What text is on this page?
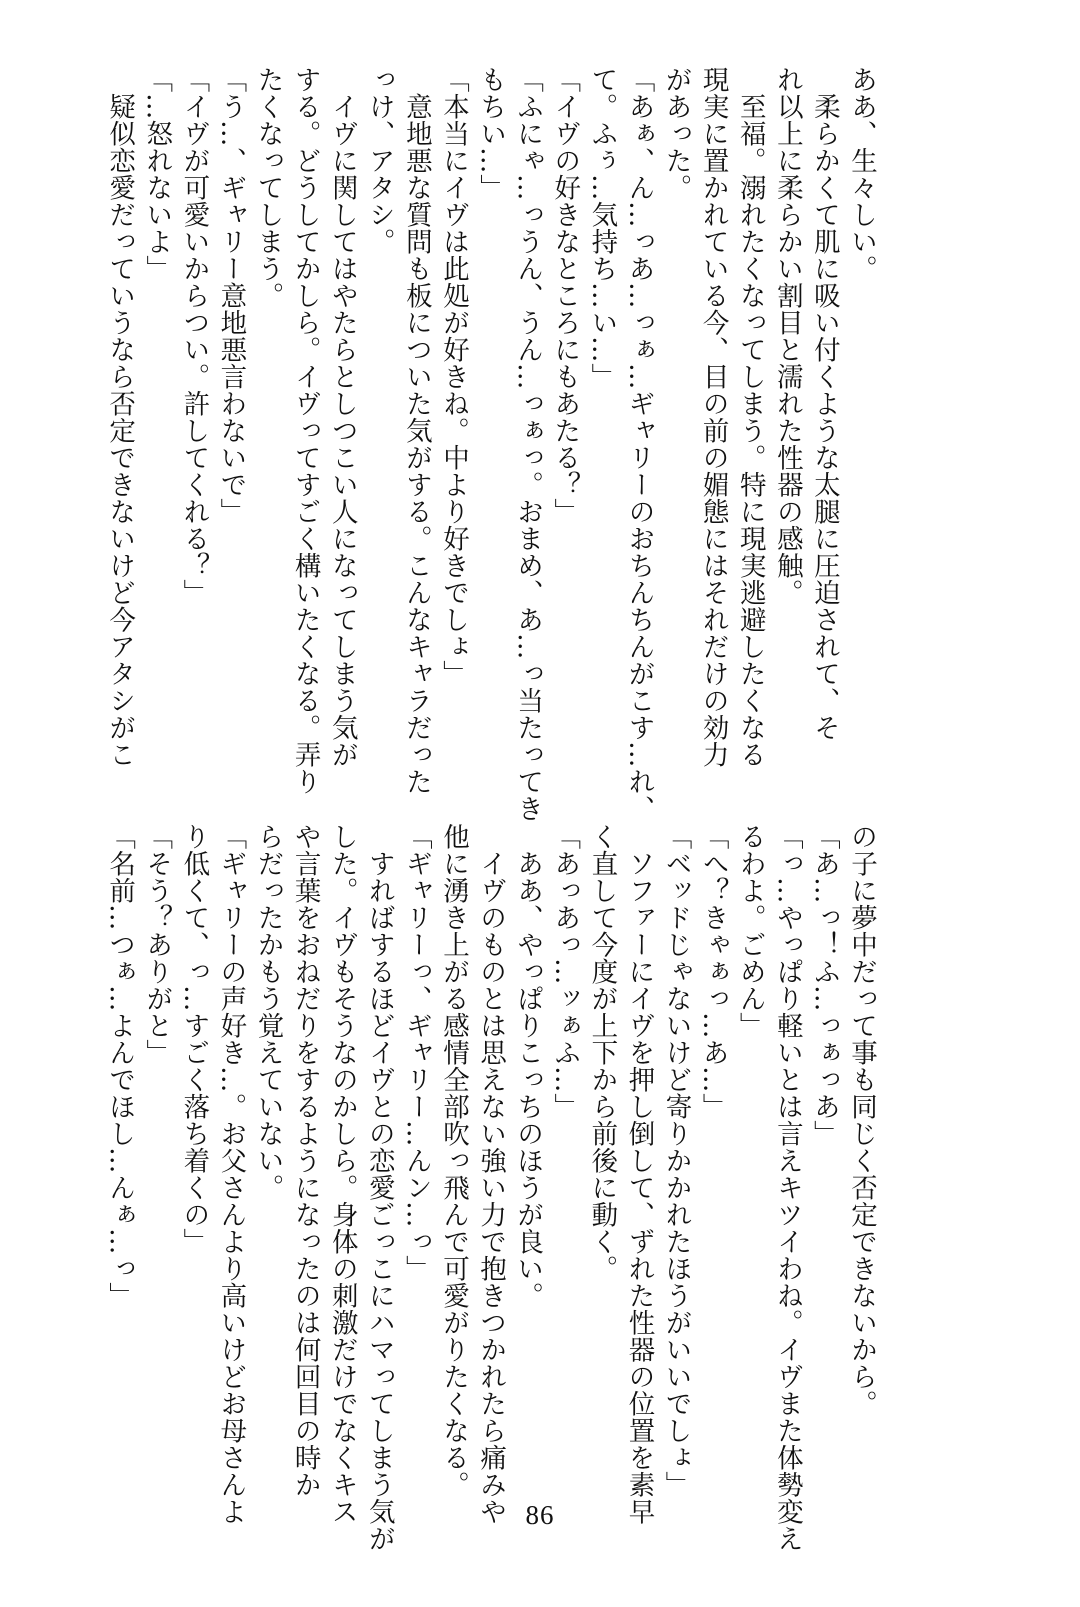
ああ、生々しい。
　柔らかくて肌に吸い付くような太腿に圧迫されて、そ
れ以上に柔らかい割目と濡れた性器の感触。
　至福。溺れたくなってしまう。特に現実逃避したくなる
現実に置かれている今、目の前の媚態にはそれだけの効力
があった。
「あぁ、ん…っあ…っぁ…ギャリーのおちんちんがこす…れ、
て。ふぅ…気持ち…い…」
「イヴの好きなところにもあたる？」
「ふにゃ…っうん、うん…っぁっ。おまめ、あ…っ当たってき
もちい…」
「本当にイヴは此処が好きね。中より好きでしょ」
　意地悪な質問も板についた気がする。こんなキャラだった
っけ、アタシ。
　イヴに関してはやたらとしつこい人になってしまう気が
する。どうしてかしら。イヴってすごく構いたくなる。弄り
たくなってしまう。
「う…、ギャリー意地悪言わないで」
「イヴが可愛いからつい。許してくれる？」
「…怒れないよ」
　疑似恋愛だっていうなら否定できないけど今アタシがこ
の子に夢中だって事も同じく否定できないから。
「あ…っ！ふ…っぁっあ」
「っ…やっぱり軽いとは言えキツイわね。イヴまた体勢変え
るわよ。ごめん」
「へ？きゃぁっ…あ…」
「ベッドじゃないけど寄りかかれたほうがいいでしょ」
　ソファーにイヴを押し倒して、ずれた性器の位置を素早
く直して今度が上下から前後に動く。
「あっあっ…ッぁふ…」
　ああ、やっぱりこっちのほうが良い。
　イヴのものとは思えない強い力で抱きつかれたら痛みや
他に湧き上がる感情全部吹っ飛んで可愛がりたくなる。
「ギャリーっ、ギャリー…んン…っ」
　すればするほどイヴとの恋愛ごっこにハマってしまう気が
した。イヴもそうなのかしら。身体の刺激だけでなくキス
や言葉をおねだりをするようになったのは何回目の時か
らだったかもう覚えていない。
「ギャリーの声好き…。お父さんより高いけどお母さんよ
り低くて、っ…すごく落ち着くの」
「そう？ありがと」
「名前…つぁ…よんでほし…んぁ…っ」
86
